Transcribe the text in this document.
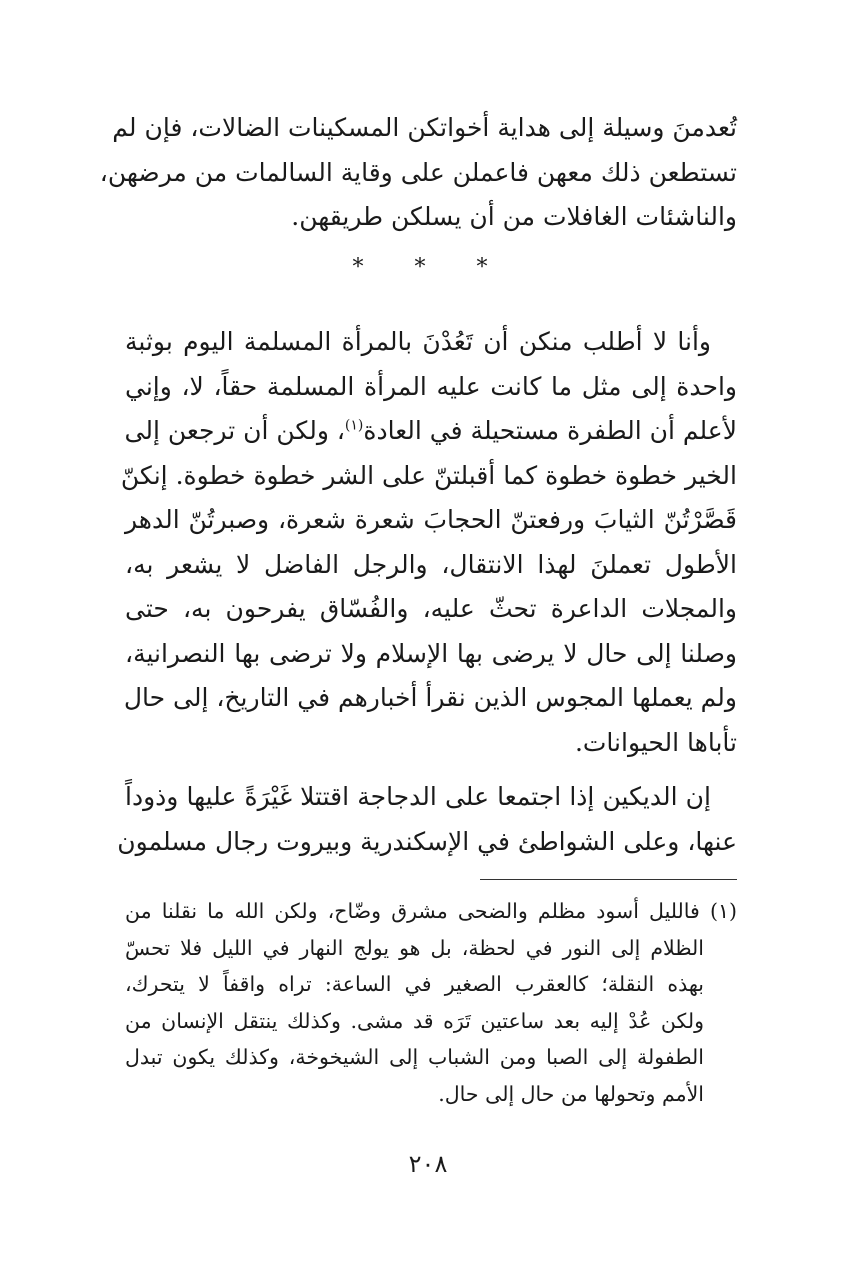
تُعدمنَ وسيلة إلى هداية أخواتكن المسكينات الضالات، فإن لم
تستطعن ذلك معهن فاعملن على وقاية السالمات من مرضهن،
والناشئات الغافلات من أن يسلكن طريقهن.
* * *
وأنا لا أطلب منكن أن تَعُدْنَ بالمرأة المسلمة اليوم بوثبة
واحدة إلى مثل ما كانت عليه المرأة المسلمة حقاً، لا، وإني
لأعلم أن الطفرة مستحيلة في العادة$^{(١)}$، ولكن أن ترجعن إلى
الخير خطوة خطوة كما أقبلتنّ على الشر خطوة خطوة. إنكنّ
قَصَّرْتُنّ الثيابَ ورفعتنّ الحجابَ شعرة شعرة، وصبرتُنّ الدهر
الأطول تعملنَ لهذا الانتقال، والرجل الفاضل لا يشعر به،
والمجلات الداعرة تحثّ عليه، والفُسّاق يفرحون به، حتى
وصلنا إلى حال لا يرضى بها الإسلام ولا ترضى بها النصرانية،
ولم يعملها المجوس الذين نقرأ أخبارهم في التاريخ، إلى حال
تأباها الحيوانات.
إن الديكين إذا اجتمعا على الدجاجة اقتتلا غَيْرَةً عليها وذوداً
عنها، وعلى الشواطئ في الإسكندرية وبيروت رجال مسلمون
(١) فالليل أسود مظلم والضحى مشرق وضّاح، ولكن الله ما نقلنا من
الظلام إلى النور في لحظة، بل هو يولج النهار في الليل فلا تحسّ
بهذه النقلة؛ كالعقرب الصغير في الساعة: تراه واقفاً لا يتحرك،
ولكن عُدْ إليه بعد ساعتين تَرَه قد مشى. وكذلك ينتقل الإنسان من
الطفولة إلى الصبا ومن الشباب إلى الشيخوخة، وكذلك يكون تبدل
الأمم وتحولها من حال إلى حال.
٢٠٨
